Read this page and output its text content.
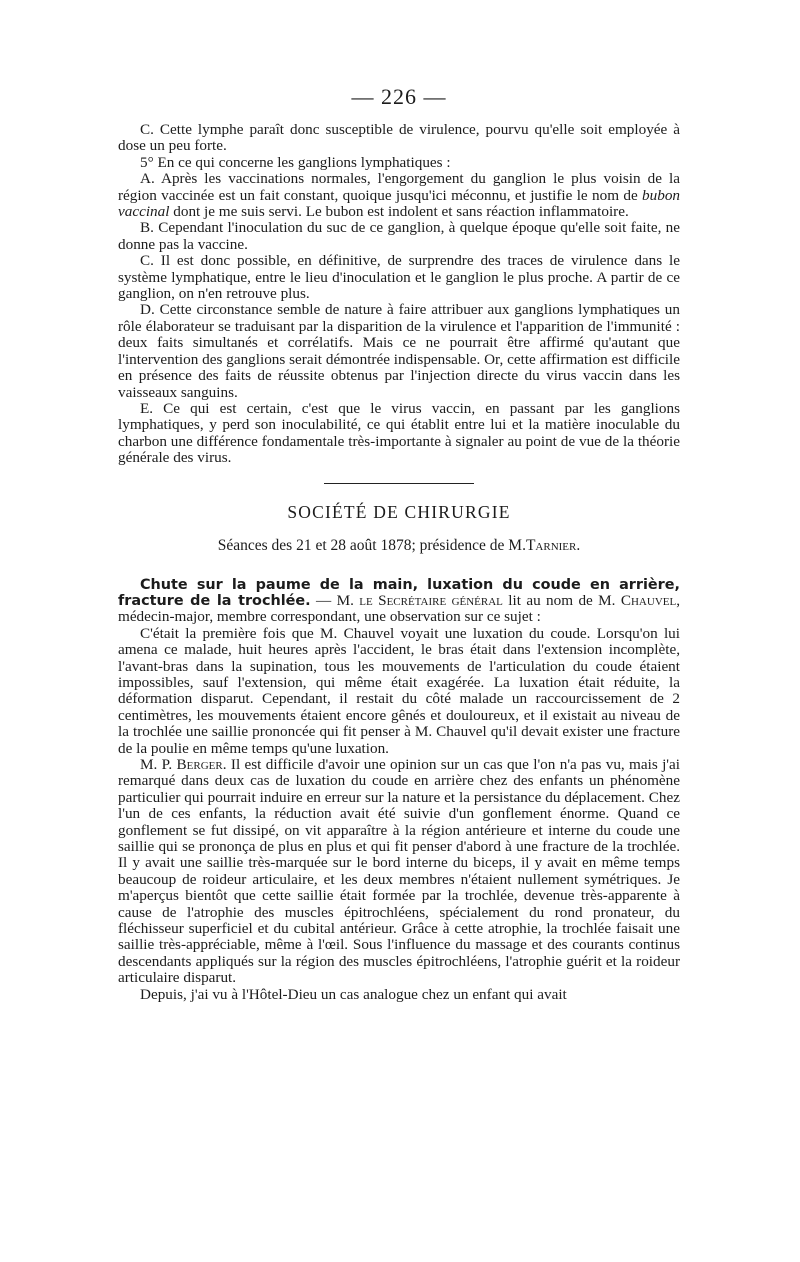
— 226 —

C. Cette lymphe paraît donc susceptible de virulence, pourvu qu'elle soit employée à dose un peu forte.

5° En ce qui concerne les ganglions lymphatiques :

A. Après les vaccinations normales, l'engorgement du ganglion le plus voisin de la région vaccinée est un fait constant, quoique jusqu'ici méconnu, et justifie le nom de bubon vaccinal dont je me suis servi. Le bubon est indolent et sans réaction inflammatoire.

B. Cependant l'inoculation du suc de ce ganglion, à quelque époque qu'elle soit faite, ne donne pas la vaccine.

C. Il est donc possible, en définitive, de surprendre des traces de virulence dans le système lymphatique, entre le lieu d'inoculation et le ganglion le plus proche. A partir de ce ganglion, on n'en retrouve plus.

D. Cette circonstance semble de nature à faire attribuer aux ganglions lymphatiques un rôle élaborateur se traduisant par la disparition de la virulence et l'apparition de l'immunité : deux faits simultanés et corrélatifs. Mais ce ne pourrait être affirmé qu'autant que l'intervention des ganglions serait démontrée indispensable. Or, cette affirmation est difficile en présence des faits de réussite obtenus par l'injection directe du virus vaccin dans les vaisseaux sanguins.

E. Ce qui est certain, c'est que le virus vaccin, en passant par les ganglions lymphatiques, y perd son inoculabilité, ce qui établit entre lui et la matière inoculable du charbon une différence fondamentale très-importante à signaler au point de vue de la théorie générale des virus.

SOCIÉTÉ DE CHIRURGIE
Séances des 21 et 28 août 1878; présidence de M.Tarnier.

Chute sur la paume de la main, luxation du coude en arrière, fracture de la trochlée. — M. le Secrétaire général lit au nom de M. Chauvel, médecin-major, membre correspondant, une observation sur ce sujet :

C'était la première fois que M. Chauvel voyait une luxation du coude. Lorsqu'on lui amena ce malade, huit heures après l'accident, le bras était dans l'extension incomplète, l'avant-bras dans la supination, tous les mouvements de l'articulation du coude étaient impossibles, sauf l'extension, qui même était exagérée. La luxation était réduite, la déformation disparut. Cependant, il restait du côté malade un raccourcissement de 2 centimètres, les mouvements étaient encore gênés et douloureux, et il existait au niveau de la trochlée une saillie prononcée qui fit penser à M. Chauvel qu'il devait exister une fracture de la poulie en même temps qu'une luxation.

M. P. Berger. Il est difficile d'avoir une opinion sur un cas que l'on n'a pas vu, mais j'ai remarqué dans deux cas de luxation du coude en arrière chez des enfants un phénomène particulier qui pourrait induire en erreur sur la nature et la persistance du déplacement. Chez l'un de ces enfants, la réduction avait été suivie d'un gonflement énorme. Quand ce gonflement se fut dissipé, on vit apparaître à la région antérieure et interne du coude une saillie qui se prononça de plus en plus et qui fit penser d'abord à une fracture de la trochlée. Il y avait une saillie très-marquée sur le bord interne du biceps, il y avait en même temps beaucoup de roideur articulaire, et les deux membres n'étaient nullement symétriques. Je m'aperçus bientôt que cette saillie était formée par la trochlée, devenue très-apparente à cause de l'atrophie des muscles épitrochléens, spécialement du rond pronateur, du fléchisseur superficiel et du cubital antérieur. Grâce à cette atrophie, la trochlée faisait une saillie très-appréciable, même à l'œil. Sous l'influence du massage et des courants continus descendants appliqués sur la région des muscles épitrochléens, l'atrophie guérit et la roideur articulaire disparut.

Depuis, j'ai vu à l'Hôtel-Dieu un cas analogue chez un enfant qui avait
